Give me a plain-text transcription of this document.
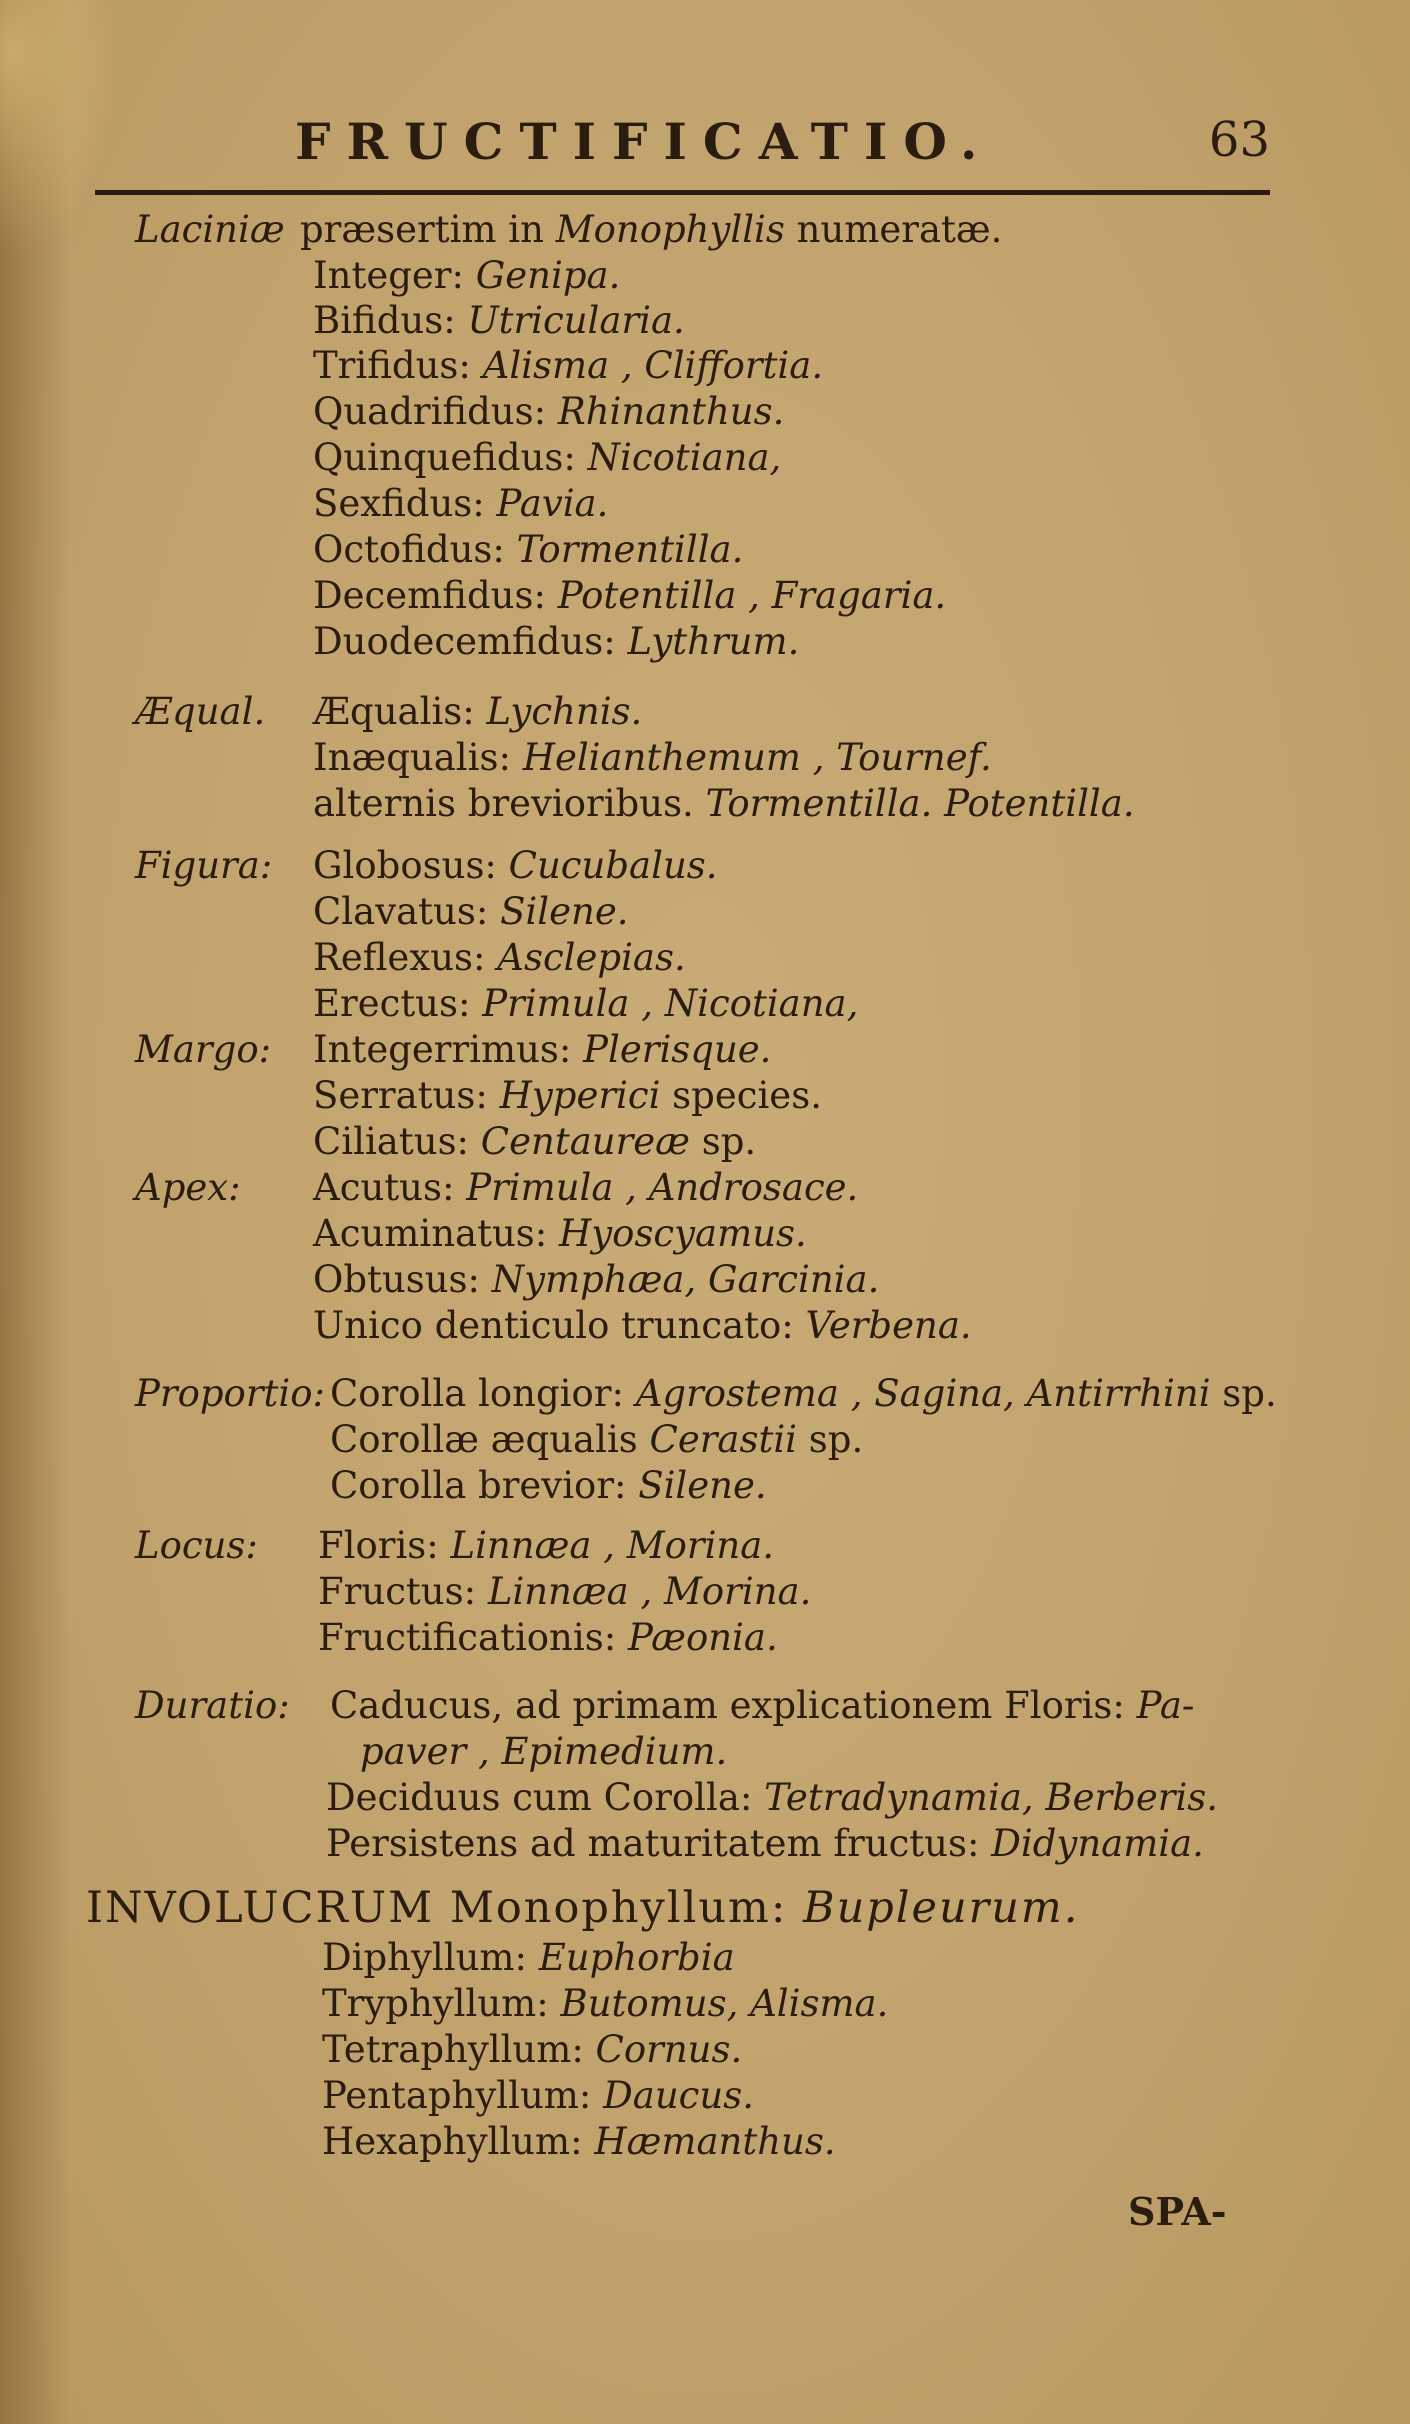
FRUCTIFICATIO.	63
Laciniæ præsertim in Monophyllis numeratæ.
Integer: Genipa.
Bifidus: Utricularia.
Trifidus: Alisma , Cliffortia.
Quadrifidus: Rhinanthus.
Quinquefidus: Nicotiana,
Sexfidus: Pavia.
Octofidus: Tormentilla.
Decemfidus: Potentilla , Fragaria.
Duodecemfidus: Lythrum.
Æqual. Æqualis: Lychnis.
Inæqualis: Helianthemum , Tournef.
alternis brevioribus. Tormentilla. Potentilla.
Figura: Globosus: Cucubalus.
Clavatus: Silene.
Reflexus: Asclepias.
Erectus: Primula , Nicotiana,
Margo: Integerrimus: Plerisque.
Serratus: Hyperici species.
Ciliatus: Centaureæ sp.
Apex: Acutus: Primula , Androsace.
Acuminatus: Hyoscyamus.
Obtusus: Nymphæa, Garcinia.
Unico denticulo truncato: Verbena.
Proportio: Corolla longior: Agrostema , Sagina, Antirrhini sp.
Corollæ æqualis Cerastii sp.
Corolla brevior: Silene.
Locus: Floris: Linnæa , Morina.
Fructus: Linnæa , Morina.
Fructificationis: Pæonia.
Duratio: Caducus, ad primam explicationem Floris: Pa-
paver , Epimedium.
Deciduus cum Corolla: Tetradynamia, Berberis.
Persistens ad maturitatem fructus: Didynamia.
INVOLUCRUM Monophyllum: Bupleurum.
Diphyllum: Euphorbia
Tryphyllum: Butomus, Alisma.
Tetraphyllum: Cornus.
Pentaphyllum: Daucus.
Hexaphyllum: Hæmanthus.
SPA-
